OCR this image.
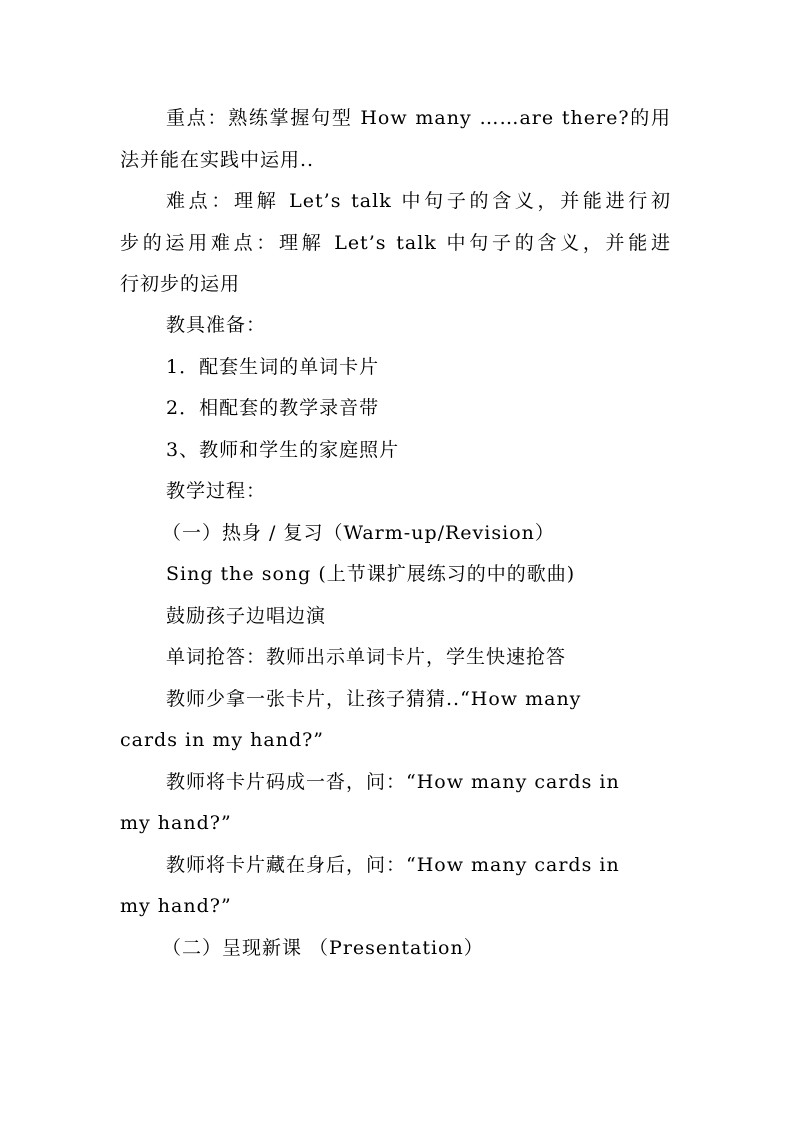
重点：熟练掌握句型 How many ……are there?的用
法并能在实践中运用..
难点：理解 Let’s talk 中句子的含义，并能进行初
步的运用难点：理解 Let’s talk 中句子的含义，并能进
行初步的运用
教具准备：
1．配套生词的单词卡片
2．相配套的教学录音带
3、教师和学生的家庭照片
教学过程：
（一）热身 / 复习（Warm-up/Revision）
Sing the song (上节课扩展练习的中的歌曲)
鼓励孩子边唱边演
单词抢答：教师出示单词卡片，学生快速抢答
教师少拿一张卡片，让孩子猜猜..“How many
cards in my hand?”
教师将卡片码成一沓，问：“How many cards in
my hand?”
教师将卡片藏在身后，问：“How many cards in
my hand?”
（二）呈现新课 （Presentation）
